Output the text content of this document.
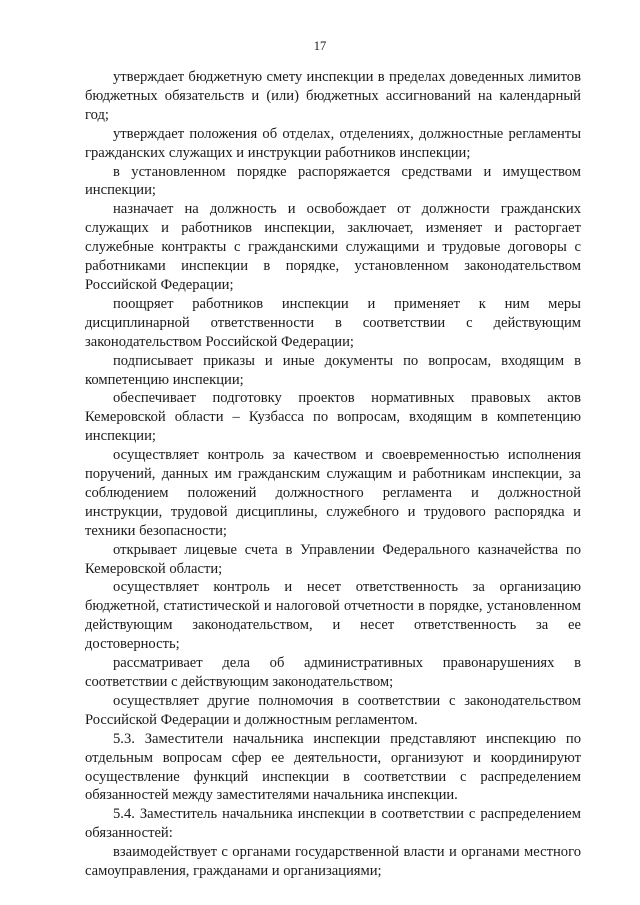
17

утверждает бюджетную смету инспекции в пределах доведенных лимитов бюджетных обязательств и (или) бюджетных ассигнований на календарный год;

утверждает положения об отделах, отделениях, должностные регламенты гражданских служащих и инструкции работников инспекции;

в установленном порядке распоряжается средствами и имуществом инспекции;

назначает на должность и освобождает от должности гражданских служащих и работников инспекции, заключает, изменяет и расторгает служебные контракты с гражданскими служащими и трудовые договоры с работниками инспекции в порядке, установленном законодательством Российской Федерации;

поощряет работников инспекции и применяет к ним меры дисциплинарной ответственности в соответствии с действующим законодательством Российской Федерации;

подписывает приказы и иные документы по вопросам, входящим в компетенцию инспекции;

обеспечивает подготовку проектов нормативных правовых актов Кемеровской области – Кузбасса по вопросам, входящим в компетенцию инспекции;

осуществляет контроль за качеством и своевременностью исполнения поручений, данных им гражданским служащим и работникам инспекции, за соблюдением положений должностного регламента и должностной инструкции, трудовой дисциплины, служебного и трудового распорядка и техники безопасности;

открывает лицевые счета в Управлении Федерального казначейства по Кемеровской области;

осуществляет контроль и несет ответственность за организацию бюджетной, статистической и налоговой отчетности в порядке, установленном действующим законодательством, и несет ответственность за ее достоверность;

рассматривает дела об административных правонарушениях в соответствии с действующим законодательством;

осуществляет другие полномочия в соответствии с законодательством Российской Федерации и должностным регламентом.

5.3. Заместители начальника инспекции представляют инспекцию по отдельным вопросам сфер ее деятельности, организуют и координируют осуществление функций инспекции в соответствии с распределением обязанностей между заместителями начальника инспекции.

5.4. Заместитель начальника инспекции в соответствии с распределением обязанностей:

взаимодействует с органами государственной власти и органами местного самоуправления, гражданами и организациями;
